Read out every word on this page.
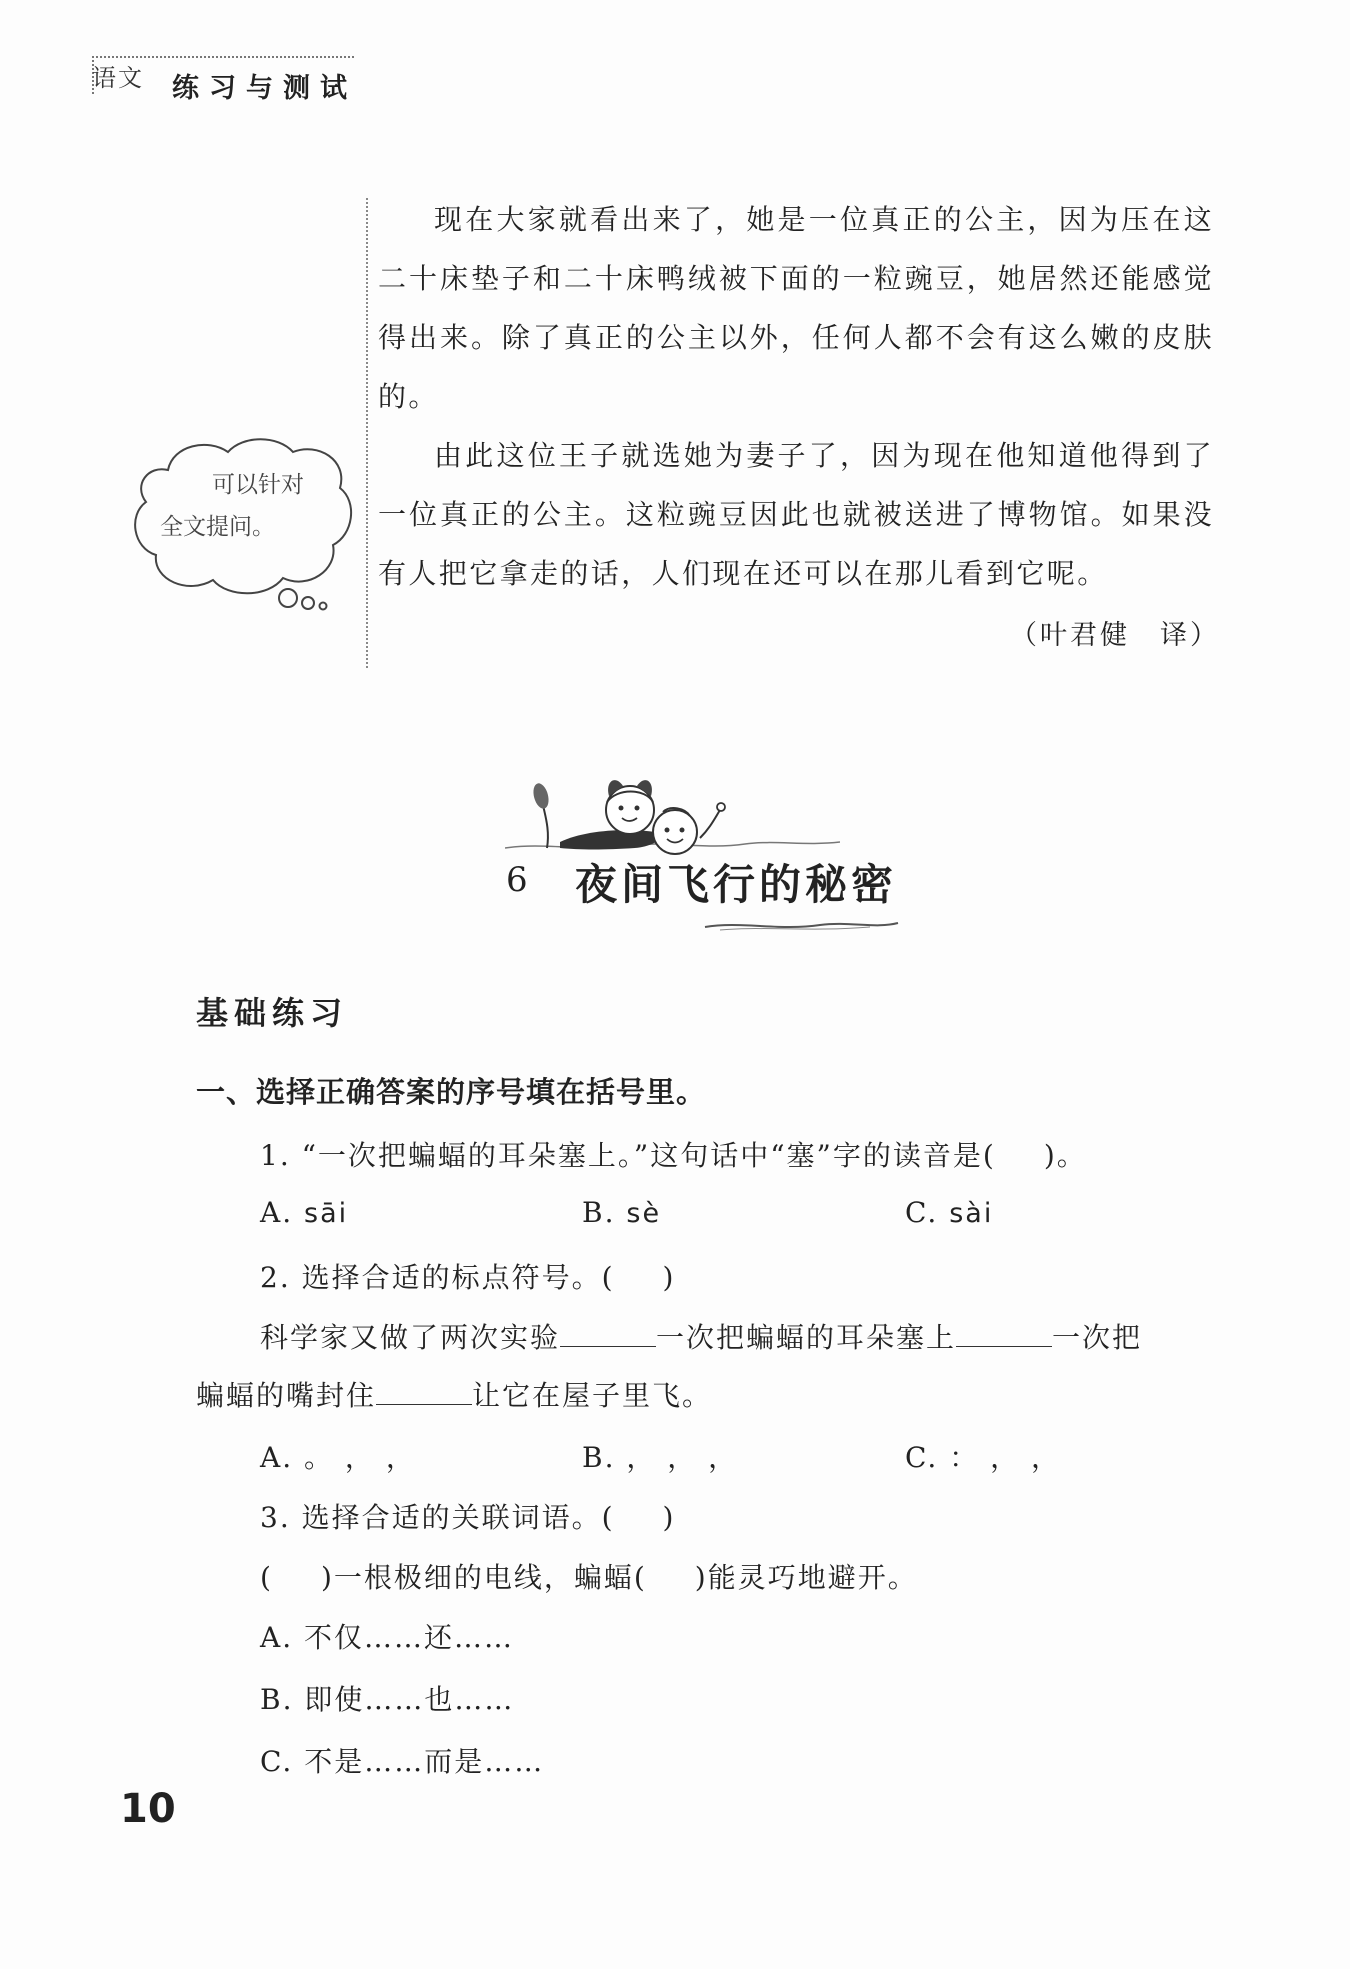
语文 练习与测试

现在大家就看出来了，她是一位真正的公主，因为压在这二十床垫子和二十床鸭绒被下面的一粒豌豆，她居然还能感觉得出来。除了真正的公主以外，任何人都不会有这么嫩的皮肤的。

由此这位王子就选她为妻子了，因为现在他知道他得到了一位真正的公主。这粒豌豆因此也就被送进了博物馆。如果没有人把它拿走的话，人们现在还可以在那儿看到它呢。

（叶君健　译）
可以针对
全文提问。
6 夜间飞行的秘密
基础练习
一、选择正确答案的序号填在括号里。
1. “一次把蝙蝠的耳朵塞上。”这句话中“塞”字的读音是( )。
A. sāi	B. sè	C. sài
2. 选择合适的标点符号。( )
科学家又做了两次实验	一次把蝙蝠的耳朵塞上	一次把
蝙蝠的嘴封住	让它在屋子里飞。
A. 。 ， ，	B. ， ， ，	C. ： ， ，
3. 选择合适的关联词语。( )
( )一根极细的电线，蝙蝠( )能灵巧地避开。
A. 不仅……还……
B. 即使……也……
C. 不是……而是……
10
